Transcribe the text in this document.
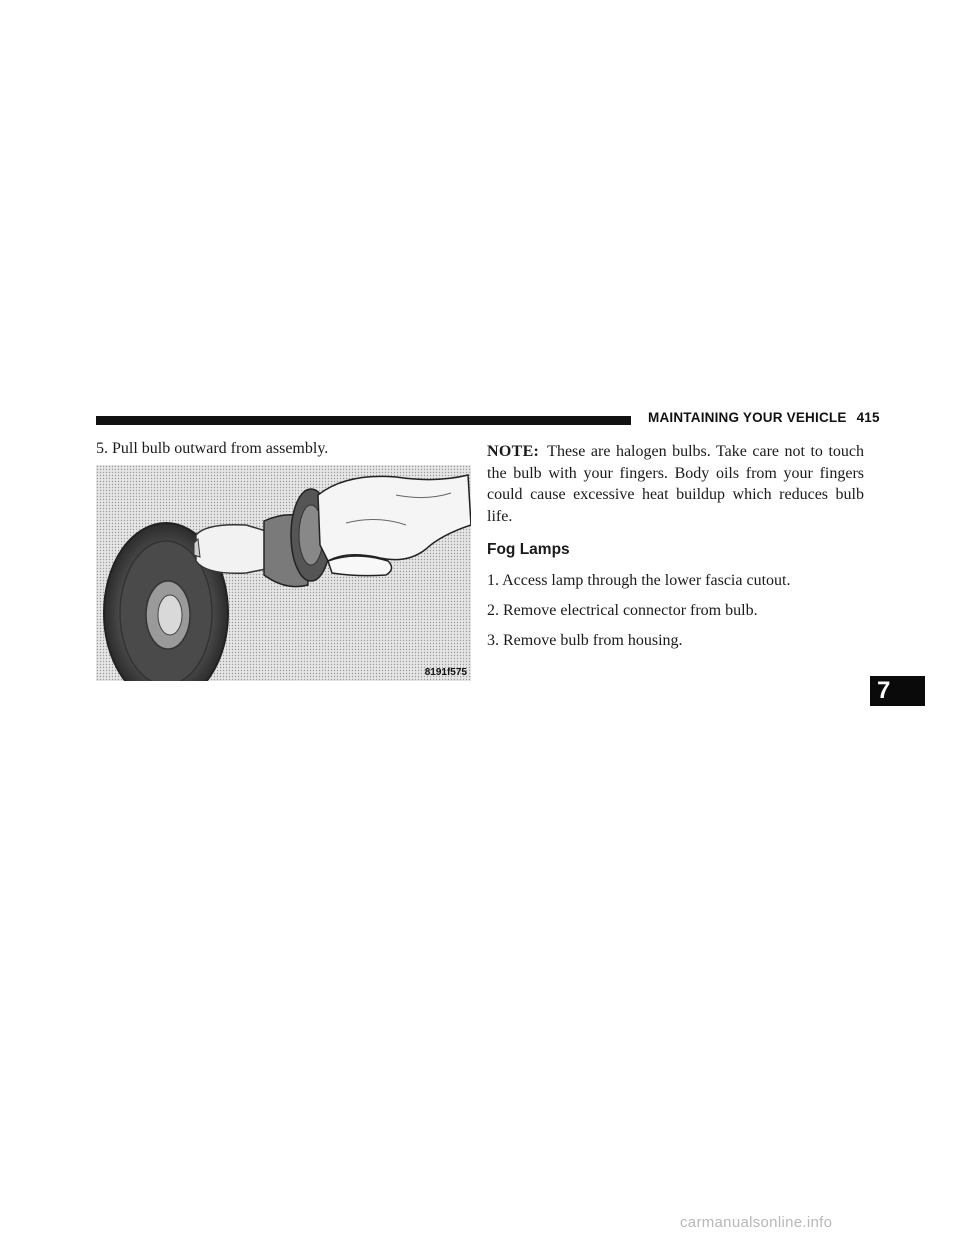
MAINTAINING YOUR VEHICLE 415

5. Pull bulb outward from assembly.

8191f575

NOTE: These are halogen bulbs. Take care not to touch the bulb with your fingers. Body oils from your fingers could cause excessive heat buildup which reduces bulb life.

Fog Lamps

1. Access lamp through the lower fascia cutout.

2. Remove electrical connector from bulb.

3. Remove bulb from housing.

7
carmanualsonline.info
